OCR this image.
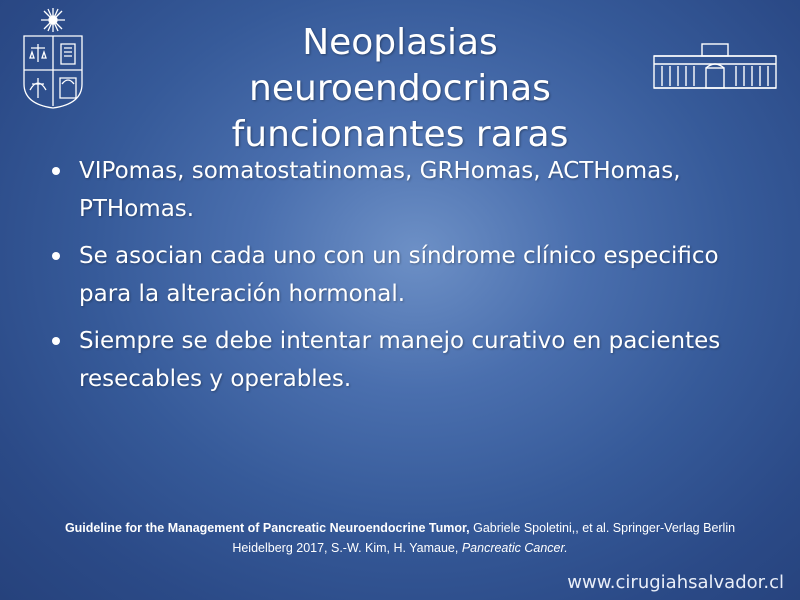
Neoplasias
neuroendocrinas
funcionantes raras
VIPomas, somatostatinomas, GRHomas, ACTHomas, PTHomas.
Se asocian cada uno con un síndrome clínico especifico para la alteración hormonal.
Siempre se debe intentar manejo curativo en pacientes resecables y operables.
Guideline for the Management of Pancreatic Neuroendocrine Tumor, Gabriele Spoletini,, et al. Springer-Verlag Berlin Heidelberg 2017, S.-W. Kim, H. Yamaue, Pancreatic Cancer.
www.cirugiahsalvador.cl
